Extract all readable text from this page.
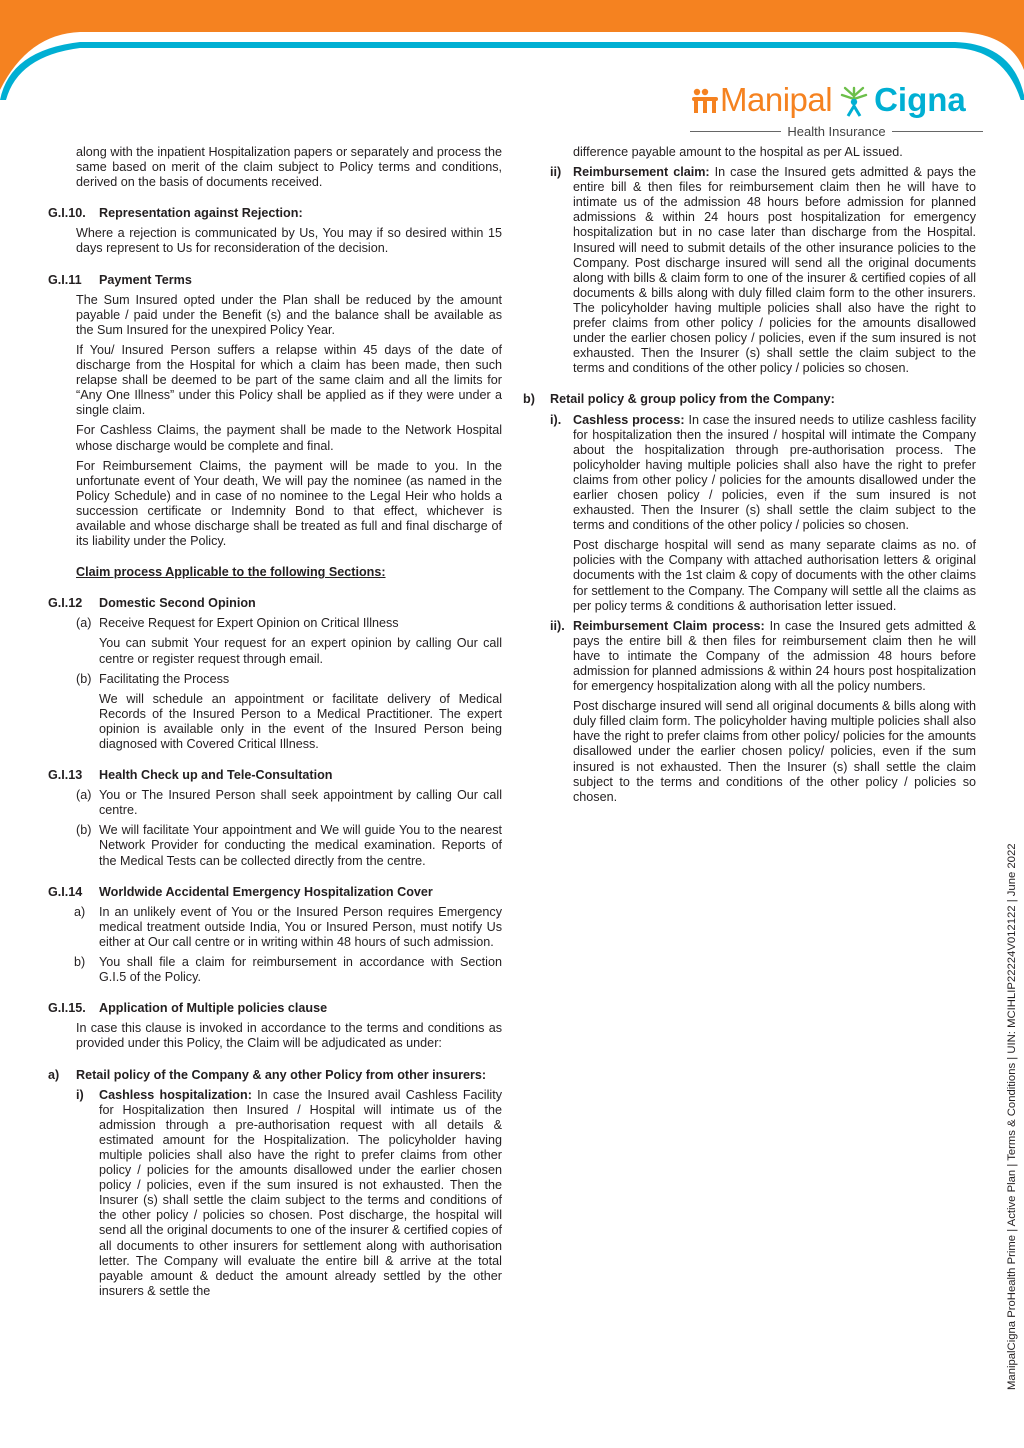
Manipal Cigna
Health Insurance

along with the inpatient Hospitalization papers or separately and process the same based on merit of the claim subject to Policy terms and conditions, derived on the basis of documents received.

G.I.10.	Representation against Rejection:

Where a rejection is communicated by Us, You may if so desired within 15 days represent to Us for reconsideration of the decision.

G.I.11	Payment Terms

The Sum Insured opted under the Plan shall be reduced by the amount payable / paid under the Benefit (s) and the balance shall be available as the Sum Insured for the unexpired Policy Year.

If You/ Insured Person suffers a relapse within 45 days of the date of discharge from the Hospital for which a claim has been made, then such relapse shall be deemed to be part of the same claim and all the limits for “Any One Illness” under this Policy shall be applied as if they were under a single claim.

For Cashless Claims, the payment shall be made to the Network Hospital whose discharge would be complete and final.

For Reimbursement Claims, the payment will be made to you. In the unfortunate event of Your death, We will pay the nominee (as named in the Policy Schedule) and in case of no nominee to the Legal Heir who holds a succession certificate or Indemnity Bond to that effect, whichever is available and whose discharge shall be treated as full and final discharge of its liability under the Policy.

Claim process Applicable to the following Sections:

G.I.12	Domestic Second Opinion
(a) Receive Request for Expert Opinion on Critical Illness

You can submit Your request for an expert opinion by calling Our call centre or register request through email.

(b) Facilitating the Process

We will schedule an appointment or facilitate delivery of Medical Records of the Insured Person to a Medical Practitioner. The expert opinion is available only in the event of the Insured Person being diagnosed with Covered Critical Illness.

G.I.13	Health Check up and Tele-Consultation
(a) You or The Insured Person shall seek appointment by calling Our call centre.
(b) We will facilitate Your appointment and We will guide You to the nearest Network Provider for conducting the medical examination. Reports of the Medical Tests can be collected directly from the centre.
G.I.14	Worldwide Accidental Emergency Hospitalization Cover
a)	In an unlikely event of You or the Insured Person requires Emergency medical treatment outside India, You or Insured Person, must notify Us either at Our call centre or in writing within 48 hours of such admission.
b)	You shall file a claim for reimbursement in accordance with Section G.I.5 of the Policy.
G.I.15.	Application of Multiple policies clause

In case this clause is invoked in accordance to the terms and conditions as provided under this Policy, the Claim will be adjudicated as under:

a)	Retail policy of the Company & any other Policy from other insurers:
i)	Cashless hospitalization: In case the Insured avail Cashless Facility for Hospitalization then Insured / Hospital will intimate us of the admission through a pre-authorisation request with all details & estimated amount for the Hospitalization. The policyholder having multiple policies shall also have the right to prefer claims from other policy / policies for the amounts disallowed under the earlier chosen policy / policies, even if the sum insured is not exhausted. Then the Insurer (s) shall settle the claim subject to the terms and conditions of the other policy / policies so chosen. Post discharge, the hospital will send all the original documents to one of the insurer & certified copies of all documents to other insurers for settlement along with authorisation letter. The Company will evaluate the entire bill & arrive at the total payable amount & deduct the amount already settled by the other insurers & settle the

difference payable amount to the hospital as per AL issued.

ii) Reimbursement claim: In case the Insured gets admitted & pays the entire bill & then files for reimbursement claim then he will have to intimate us of the admission 48 hours before admission for planned admissions & within 24 hours post hospitalization for emergency hospitalization but in no case later than discharge from the Hospital. Insured will need to submit details of the other insurance policies to the Company. Post discharge insured will send all the original documents along with bills & claim form to one of the insurer & certified copies of all documents & bills along with duly filled claim form to the other insurers. The policyholder having multiple policies shall also have the right to prefer claims from other policy / policies for the amounts disallowed under the earlier chosen policy / policies, even if the sum insured is not exhausted. Then the Insurer (s) shall settle the claim subject to the terms and conditions of the other policy / policies so chosen.
b)	Retail policy & group policy from the Company:
i). Cashless process: In case the insured needs to utilize cashless facility for hospitalization then the insured / hospital will intimate the Company about the hospitalization through pre-authorisation process. The policyholder having multiple policies shall also have the right to prefer claims from other policy / policies for the amounts disallowed under the earlier chosen policy / policies, even if the sum insured is not exhausted. Then the Insurer (s) shall settle the claim subject to the terms and conditions of the other policy / policies so chosen.

Post discharge hospital will send as many separate claims as no. of policies with the Company with attached authorisation letters & original documents with the 1st claim & copy of documents with the other claims for settlement to the Company. The Company will settle all the claims as per policy terms & conditions & authorisation letter issued.

ii). Reimbursement Claim process: In case the Insured gets admitted & pays the entire bill & then files for reimbursement claim then he will have to intimate the Company of the admission 48 hours before admission for planned admissions & within 24 hours post hospitalization for emergency hospitalization along with all the policy numbers.

Post discharge insured will send all original documents & bills along with duly filled claim form. The policyholder having multiple policies shall also have the right to prefer claims from other policy/ policies for the amounts disallowed under the earlier chosen policy/ policies, even if the sum insured is not exhausted. Then the Insurer (s) shall settle the claim subject to the terms and conditions of the other policy / policies so chosen.

ManipalCigna ProHealth Prime | Active Plan | Terms & Conditions | UIN: MCIHLIP22224V012122 | June 2022
